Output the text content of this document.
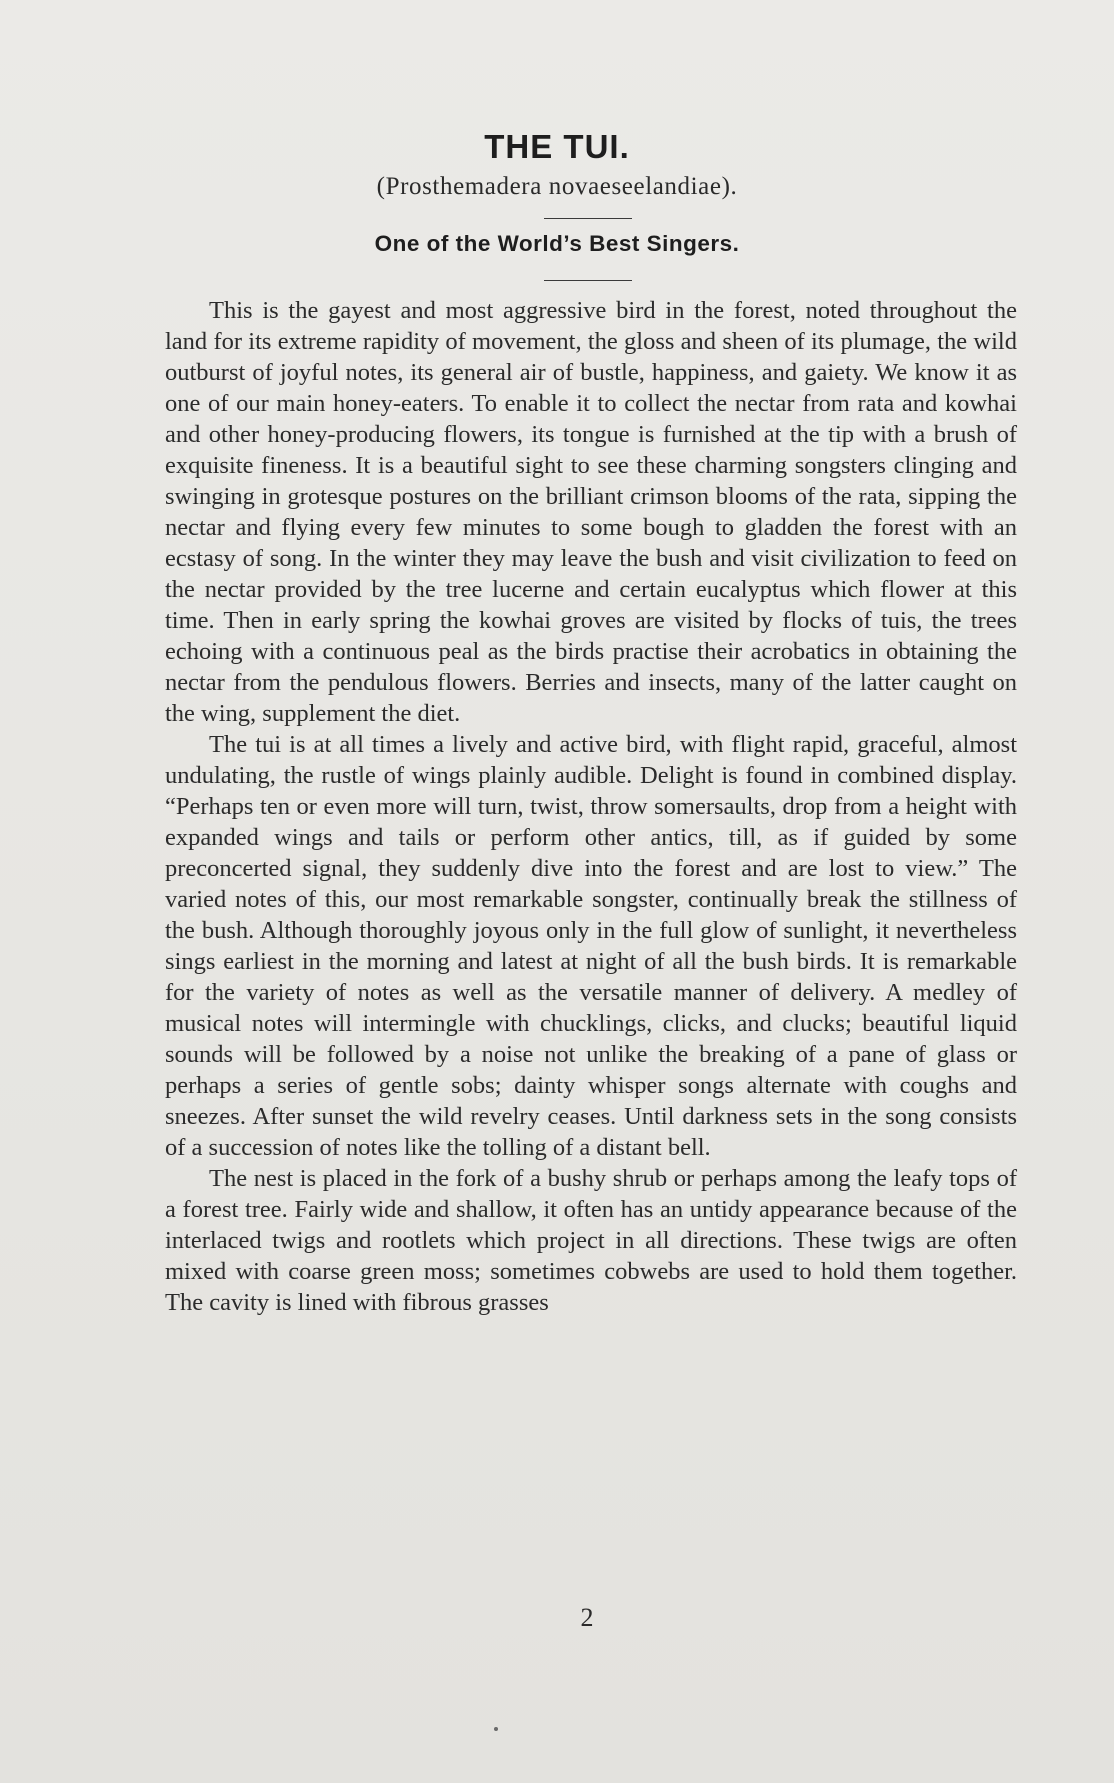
THE TUI.
(Prosthemadera novaeseelandiae).
One of the World’s Best Singers.

This is the gayest and most aggressive bird in the forest, noted throughout the land for its extreme rapidity of movement, the gloss and sheen of its plumage, the wild outburst of joyful notes, its general air of bustle, happiness, and gaiety. We know it as one of our main honey-eaters. To enable it to collect the nectar from rata and kowhai and other honey-producing flowers, its tongue is furnished at the tip with a brush of exquisite fineness. It is a beautiful sight to see these charming songsters clinging and swinging in grotesque postures on the brilliant crimson blooms of the rata, sipping the nectar and flying every few minutes to some bough to gladden the forest with an ecstasy of song. In the winter they may leave the bush and visit civilization to feed on the nectar provided by the tree lucerne and certain eucalyptus which flower at this time. Then in early spring the kowhai groves are visited by flocks of tuis, the trees echoing with a continuous peal as the birds practise their acrobatics in obtaining the nectar from the pendulous flowers. Berries and insects, many of the latter caught on the wing, supplement the diet.

The tui is at all times a lively and active bird, with flight rapid, graceful, almost undulating, the rustle of wings plainly audible. Delight is found in combined display. “Perhaps ten or even more will turn, twist, throw somersaults, drop from a height with expanded wings and tails or perform other antics, till, as if guided by some preconcerted signal, they suddenly dive into the forest and are lost to view.” The varied notes of this, our most remarkable songster, continually break the stillness of the bush. Although thoroughly joyous only in the full glow of sunlight, it nevertheless sings earliest in the morning and latest at night of all the bush birds. It is remarkable for the variety of notes as well as the versatile manner of delivery. A medley of musical notes will intermingle with chucklings, clicks, and clucks; beautiful liquid sounds will be followed by a noise not unlike the breaking of a pane of glass or perhaps a series of gentle sobs; dainty whisper songs alternate with coughs and sneezes. After sunset the wild revelry ceases. Until darkness sets in the song consists of a succession of notes like the tolling of a distant bell.

The nest is placed in the fork of a bushy shrub or perhaps among the leafy tops of a forest tree. Fairly wide and shallow, it often has an untidy appearance because of the interlaced twigs and rootlets which project in all directions. These twigs are often mixed with coarse green moss; sometimes cobwebs are used to hold them together. The cavity is lined with fibrous grasses

2
